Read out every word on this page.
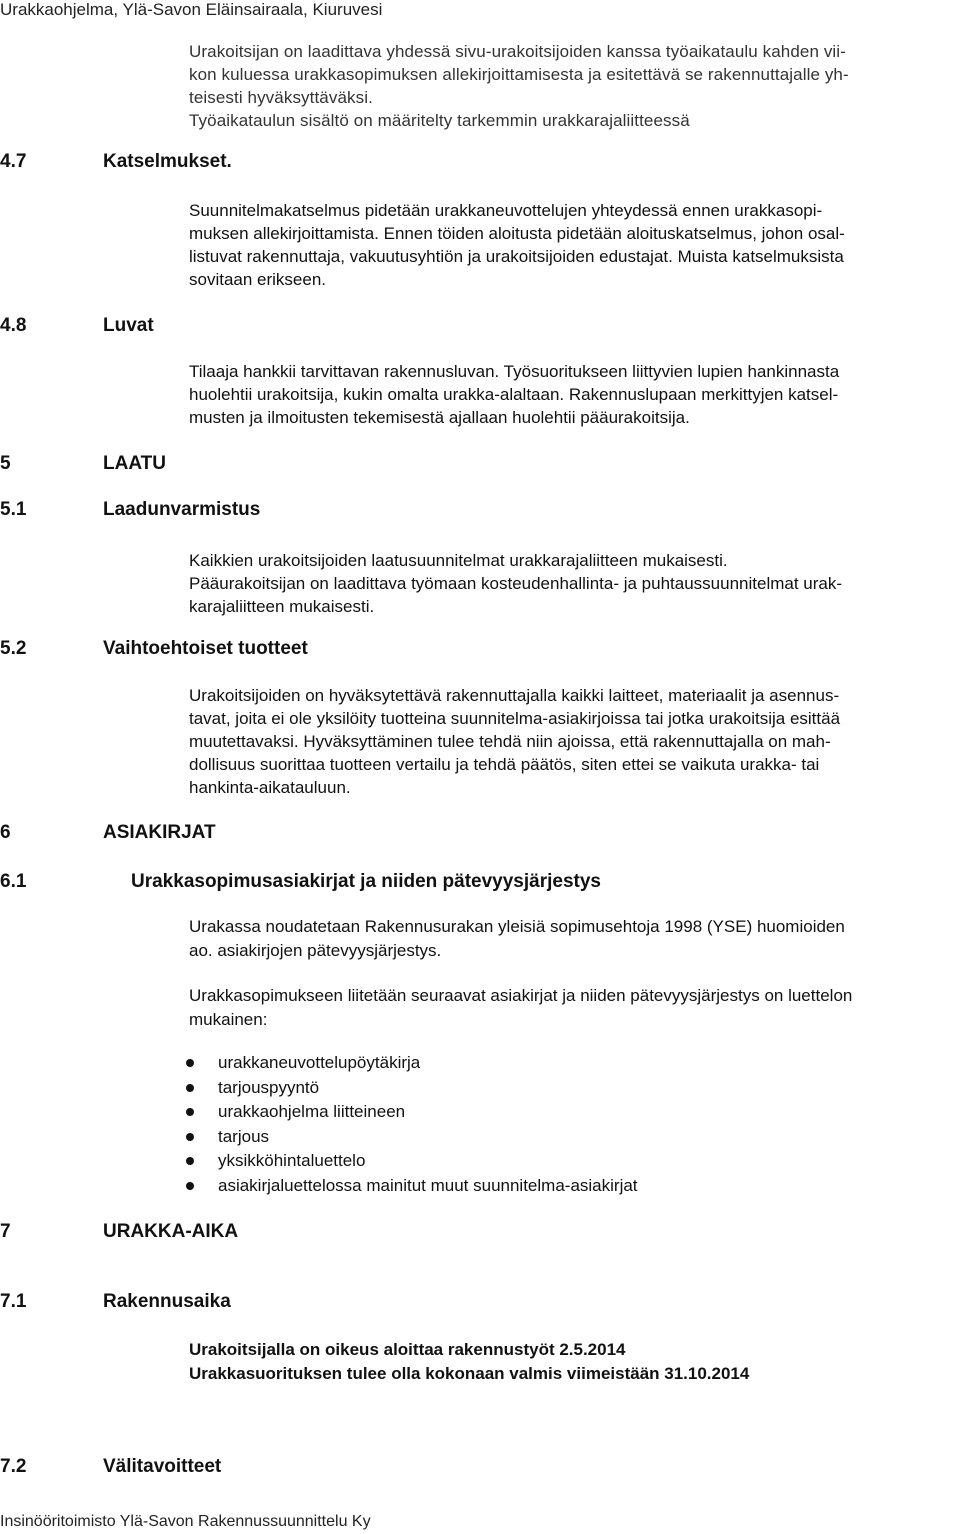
Urakkaohjelma, Ylä-Savon Eläinsairaala, Kiuruvesi
Urakoitsijan on laadittava yhdessä sivu-urakoitsijoiden kanssa työaikataulu kahden vii-
kon kuluessa urakkasopimuksen allekirjoittamisesta ja esitettävä se rakennuttajalle yh-
teisesti hyväksyttäväksi.
Työaikataulun sisältö on määritelty tarkemmin urakkarajaliitteessä
4.7	Katselmukset.
Suunnitelmakatselmus pidetään urakkaneuvottelujen yhteydessä ennen urakkasopi-
muksen allekirjoittamista. Ennen töiden aloitusta pidetään aloituskatselmus, johon osal-
listuvat rakennuttaja, vakuutusyhtiön ja urakoitsijoiden edustajat. Muista katselmuksista
sovitaan erikseen.
4.8	Luvat
Tilaaja hankkii tarvittavan rakennusluvan. Työsuoritukseen liittyvien lupien hankinnasta
huolehtii urakoitsija, kukin omalta urakka-alaltaan. Rakennuslupaan merkittyjen katsel-
musten ja ilmoitusten tekemisestä ajallaan huolehtii pääurakoitsija.
5	LAATU
5.1	Laadunvarmistus
Kaikkien urakoitsijoiden laatusuunnitelmat urakkarajaliitteen mukaisesti.
Pääurakoitsijan on laadittava työmaan kosteudenhallinta- ja puhtaussuunnitelmat urak-
karajaliitteen mukaisesti.
5.2	Vaihtoehtoiset tuotteet
Urakoitsijoiden on hyväksytettävä rakennuttajalla kaikki laitteet, materiaalit ja asennus-
tavat, joita ei ole yksilöity tuotteina suunnitelma-asiakirjoissa tai jotka urakoitsija esittää
muutettavaksi. Hyväksyttäminen tulee tehdä niin ajoissa, että rakennuttajalla on mah-
dollisuus suorittaa tuotteen vertailu ja tehdä päätös, siten ettei se vaikuta urakka- tai
hankinta-aikatauluun.
6	ASIAKIRJAT
6.1	Urakkasopimusasiakirjat ja niiden pätevyysjärjestys
Urakassa noudatetaan Rakennusurakan yleisiä sopimusehtoja 1998 (YSE) huomioiden
ao. asiakirjojen pätevyysjärjestys.
Urakkasopimukseen liitetään seuraavat asiakirjat ja niiden pätevyysjärjestys on luettelon
mukainen:
urakkaneuvottelupöytäkirja
tarjouspyyntö
urakkaohjelma liitteineen
tarjous
yksikköhintaluettelo
asiakirjaluettelossa mainitut muut suunnitelma-asiakirjat
7	URAKKA-AIKA
7.1	Rakennusaika
Urakoitsijalla on oikeus aloittaa rakennustyöt 2.5.2014
Urakkasuorituksen tulee olla kokonaan valmis viimeistään 31.10.2014
7.2	Välitavoitteet
Insinööritoimisto Ylä-Savon Rakennussuunnittelu Ky
